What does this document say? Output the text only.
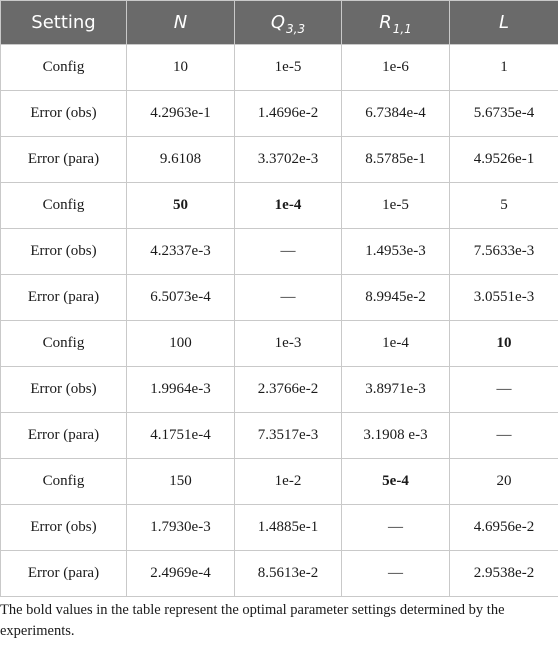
Setting	N	$Q_{3,3}$	$R_{1,1}$	L
Config	10	1e-5	1e-6	1
Error (obs)	4.2963e-1	1.4696e-2	6.7384e-4	5.6735e-4
Error (para)	9.6108	3.3702e-3	8.5785e-1	4.9526e-1
Config	50	1e-4	1e-5	5
Error (obs)	4.2337e-3	—	1.4953e-3	7.5633e-3
Error (para)	6.5073e-4	—	8.9945e-2	3.0551e-3
Config	100	1e-3	1e-4	10
Error (obs)	1.9964e-3	2.3766e-2	3.8971e-3	—
Error (para)	4.1751e-4	7.3517e-3	3.1908 e-3	—
Config	150	1e-2	5e-4	20
Error (obs)	1.7930e-3	1.4885e-1	—	4.6956e-2
Error (para)	2.4969e-4	8.5613e-2	—	2.9538e-2
The bold values in the table represent the optimal parameter settings determined by the experiments.
